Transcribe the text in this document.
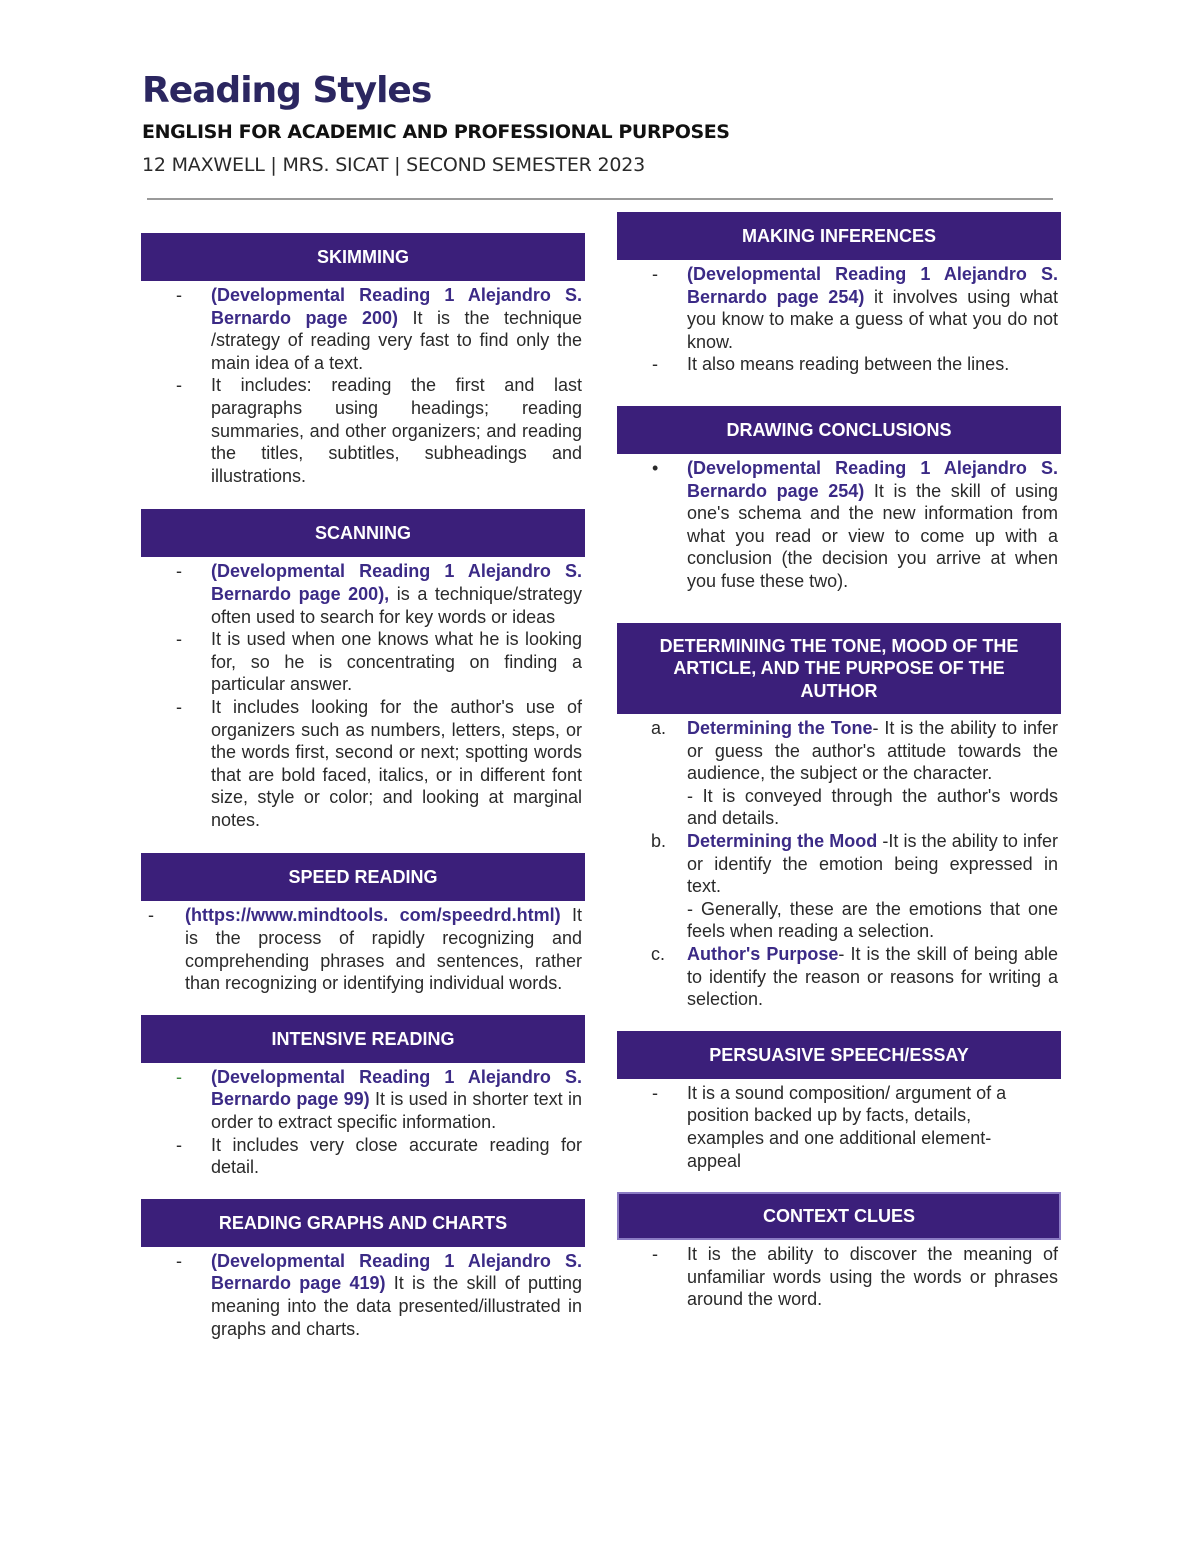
Reading Styles
ENGLISH FOR ACADEMIC AND PROFESSIONAL PURPOSES
12 MAXWELL | MRS. SICAT | SECOND SEMESTER 2023
SKIMMING
-	(Developmental Reading 1 Alejandro S. Bernardo page 200) It is the technique /strategy of reading very fast to find only the main idea of a text.
-	It includes: reading the first and last paragraphs using headings; reading summaries, and other organizers; and reading the titles, subtitles, subheadings and illustrations.
SCANNING
-	(Developmental Reading 1 Alejandro S. Bernardo page 200), is a technique/strategy often used to search for key words or ideas
-	It is used when one knows what he is looking for, so he is concentrating on finding a particular answer.
-	It includes looking for the author's use of organizers such as numbers, letters, steps, or the words first, second or next; spotting words that are bold faced, italics, or in different font size, style or color; and looking at marginal notes.
SPEED READING
-	(https://www.mindtools. com/speedrd.html) It is the process of rapidly recognizing and comprehending phrases and sentences, rather than recognizing or identifying individual words.
INTENSIVE READING
-	(Developmental Reading 1 Alejandro S. Bernardo page 99) It is used in shorter text in order to extract specific information.
-	It includes very close accurate reading for detail.
READING GRAPHS AND CHARTS
-	(Developmental Reading 1 Alejandro S. Bernardo page 419) It is the skill of putting meaning into the data presented/illustrated in graphs and charts.
MAKING INFERENCES
-	(Developmental Reading 1 Alejandro S. Bernardo page 254) it involves using what you know to make a guess of what you do not know.
-	It also means reading between the lines.
DRAWING CONCLUSIONS
•	(Developmental Reading 1 Alejandro S. Bernardo page 254) It is the skill of using one's schema and the new information from what you read or view to come up with a conclusion (the decision you arrive at when you fuse these two).
DETERMINING THE TONE, MOOD OF THE ARTICLE, AND THE PURPOSE OF THE AUTHOR
a.	Determining the Tone- It is the ability to infer or guess the author's attitude towards the audience, the subject or the character.
- It is conveyed through the author's words and details.
b.	Determining the Mood -It is the ability to infer or identify the emotion being expressed in text.
- Generally, these are the emotions that one feels when reading a selection.
c.	Author's Purpose- It is the skill of being able to identify the reason or reasons for writing a selection.
PERSUASIVE SPEECH/ESSAY
-	It is a sound composition/ argument of a position backed up by facts, details, examples and one additional element-appeal
CONTEXT CLUES
-	It is the ability to discover the meaning of unfamiliar words using the words or phrases around the word.
